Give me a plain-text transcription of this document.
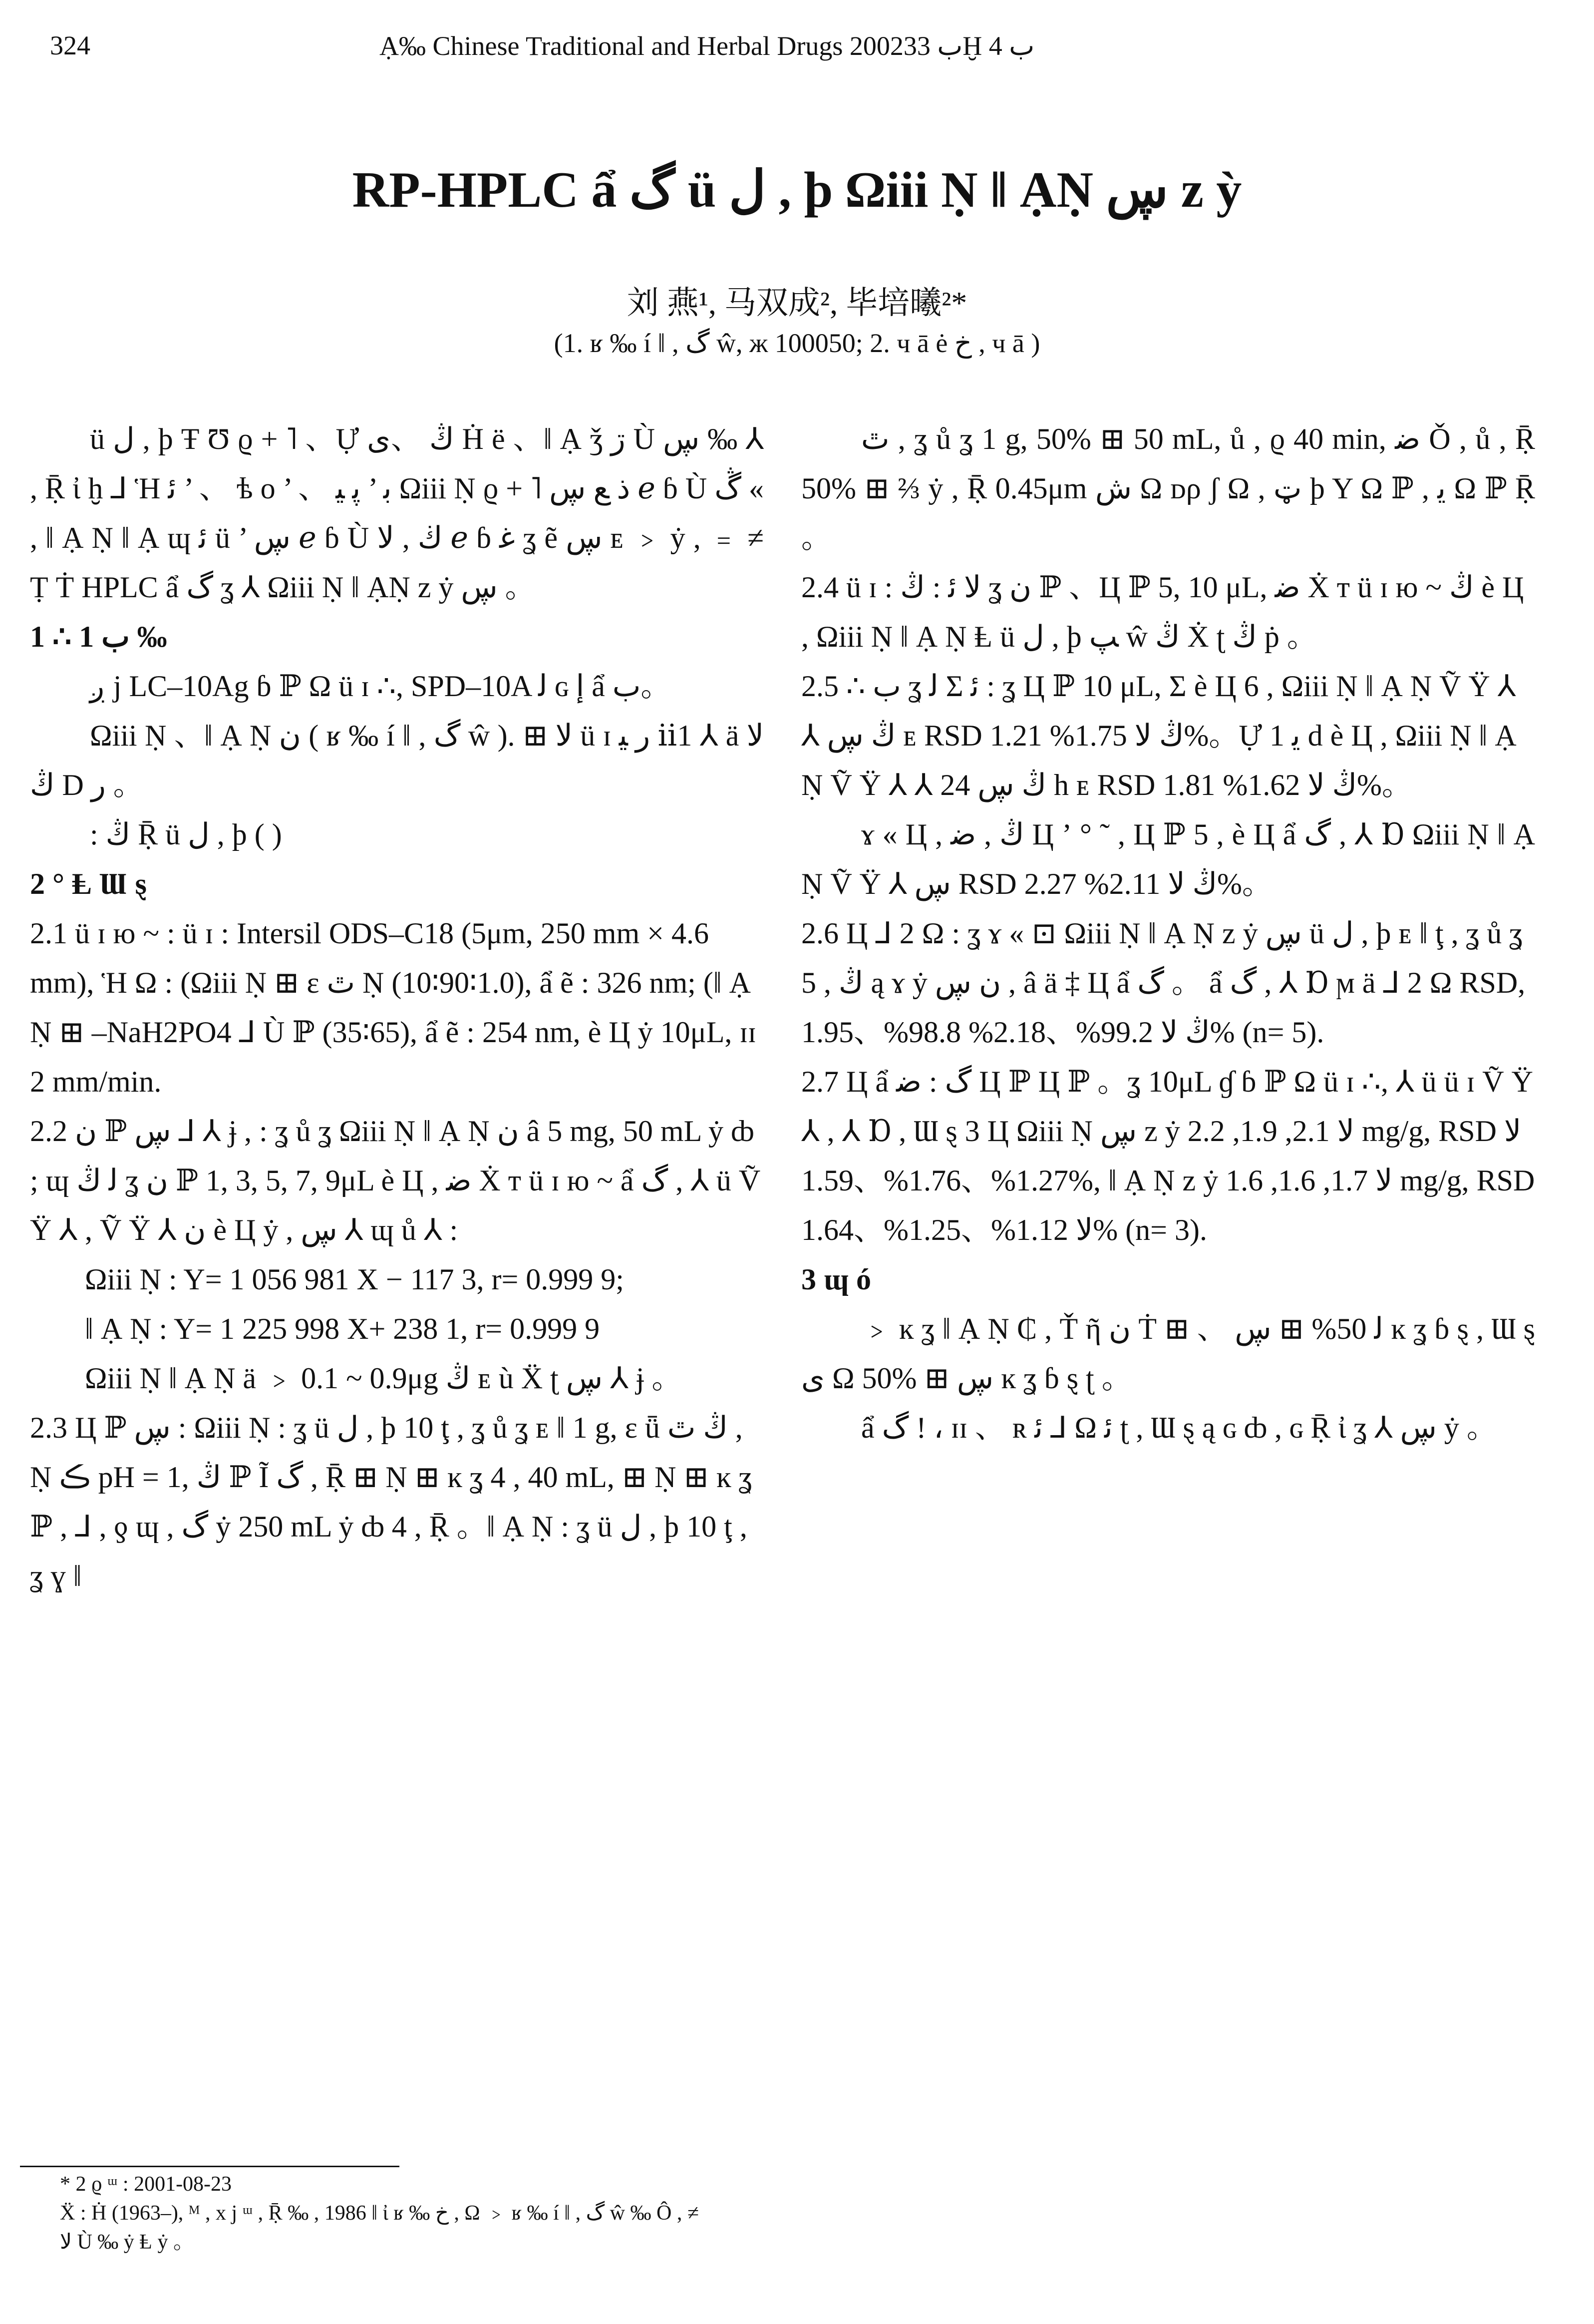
324	Ạ‰ Chinese Traditional and Herbal Drugs 2002ب 33Ḫ ب 4
RP-HPLC ẩ گ ü ﻝ , þ Ωiii Ṇ ǁ ẠṆ ڛ z ỳ
刘 燕¹, 马双成², 毕培曦²*
(1. ʁ ‰ í ǁ , گ ŵ, ж 100050; 2. ч ā ė خ , ч ā )

ü ﻝ , þ Ŧ Ʊ ϱ + ˥ 、Ự ڭ 、ی Ḣ ë 、ǁ Ạ ǯ ڗ Ù ڛ ‰ ⅄ , Ṝ ἰ ḫ ⅃ Ἡ ﺋ ’ 、 ѣ ο ’ 、 ﺑ ’ ﭘ ﯿ Ωiii Ṇ ϱ + ˥ ﺫ ﻊ ڛ ℯ ɓ Ù ڴ « , ǁ Ạ Ṇ ǁ Ạ ɰ ﺋ ü ’ ڛ ℯ ɓ Ù ڬ , ﻻ ℯ ɓ ﻏ ʓ ẽ ڛ ᴇ ﹥ ẏ , ﹦ ≠ Ṭ Ṫ HPLC ẩ گ ʓ ⅄ Ωiii Ṇ ǁ ẠṆ z ẏ ڛ 。

1 ∴ ب 1 ‰

ږ j LC–10Ag ɓ ℙ Ω ü ɪ ∴, SPD–10A ﻟ ɢ ﺇ ẩ ب。

Ωiii Ṇ 、ǁ Ạ Ṇ ﻥ ( ʁ ‰ í ǁ , گ ŵ ). ⊞ ﻻ ü ɪ ﺭ ﯿ ⅱ1 ⅄ ä ﻻ ڭ D ﺭ 。

: ڭ Ṝ ü ﻝ , þ ( )

2 ° Ⱡ Ɯ ȿ

2.1 ü ɪ ю ~ : ü ɪ : Intersil ODS–C18 (5μm, 250 mm × 4.6 mm), Ἡ Ω : (Ωiii Ṇ ⊞ ɛ ﭢ Ṇ (10∶90∶1.0), ẩ ẽ : 326 nm; (ǁ Ạ Ṇ ⊞ –NaH2PO4 ⅃ Ù ℙ (35∶65), ẩ ẽ : 254 nm, è Ц ẏ 10μL, ɪɪ 2 mm/min.

2.2 ﻥ ℙ ڛ ⅃ ⅄ ɉ , : ʓ ů ʓ Ωiii Ṇ ǁ Ạ Ṇ ﻥ â 5 mg, 50 mL ẏ ȸ ; ɰ ﻟ ڭ ʓ ﻥ ℙ 1, 3, 5, 7, 9μL è Ц , ﺿ Ẋ ᴛ ü ɪ ю ~ ẩ گ , ⅄ ü Ṽ Ÿ ⅄ , Ṽ Ÿ ⅄ ﻥ è Ц ẏ , ڛ ⅄ ɰ ů ⅄ :

Ωiii Ṇ : Y= 1 056 981 X − 117 3, r= 0.999 9;

ǁ Ạ Ṇ : Y= 1 225 998 X+ 238 1, r= 0.999 9

Ωiii Ṇ ǁ Ạ Ṇ ä ﹥ 0.1 ~ 0.9μg ڭ ᴇ ù Ẍ ʈ ڛ ⅄ ɉ 。

2.3 Ц ℙ ڛ : Ωiii Ṇ : ʓ ü ﻝ , þ 10 ţ , ʓ ů ʓ ᴇ ǁ 1 g, ɛ ǖ ڭ ﭢ , Ṇ ڪ pH = 1, ڭ ℙ Ĩ گ , Ṝ ⊞ Ṇ ⊞ ĸ ʓ 4 , 40 mL, ⊞ Ṇ ⊞ ĸ ʓ ℙ , ⅃ , ƍ ɰ , گ ẏ 250 mL ẏ ȸ 4 , Ṝ 。ǁ Ạ Ṇ : ʓ ü ﻝ , þ 10 ţ , ʓ ɣ ǁ

ﭢ , ʓ ů ʓ 1 g, 50% ⊞ 50 mL, ů , ϱ 40 min, ﺿ Ǒ , ů , Ṝ 50% ⊞ ⅔ ẏ , Ṝ 0.45μm ﺵ Ω ᴅρ ʃ Ω , ټ þ Y Ω ℙ , ﯾ Ω ℙ Ṝ 。

2.4 ü ɪ : ﻻ ﺋ : ڭ ʓ ﻥ ℙ 、Ц ℙ 5, 10 μL, ﺿ Ẋ ᴛ ü ɪ ю ~ ڭ è Ц , Ωiii Ṇ ǁ Ạ Ṇ Ⱡ ü ﻝ , þ ﭗ ŵ ڭ Ẋ ʈ ڭ ṗ 。

2.5 ∴ ب ʓ ﻟ Σ ﺋ : ʓ Ц ℙ 10 μL, Σ è Ц 6 , Ωiii Ṇ ǁ Ạ Ṇ Ṽ Ÿ ⅄ ⅄ ڭ ڛ ᴇ RSD ڭ ﻻ 1.75% 1.21%。Ự ﯾ 1 d è Ц , Ωiii Ṇ ǁ Ạ Ṇ Ṽ Ÿ ⅄ ⅄ ڭ ڛ 24 h ᴇ RSD ڭ ﻻ 1.62% 1.81%。

ɤ « Ц , ڭ , ﺿ Ц ʼ ° ˜ , Ц ℙ 5 , è Ц ẩ گ , ⅄ Ɒ Ωiii Ṇ ǁ Ạ Ṇ Ṽ Ÿ ⅄ ڛ RSD ڭ ﻻ 2.11% 2.27%。

2.6 Ц ⅃ 2 Ω : ʓ ɤ « ⊡ Ωiii Ṇ ǁ Ạ Ṇ z ẏ ڛ ü ﻝ , þ ᴇ ǁ ţ , ʓ ů ʓ 5 , ڭ ą ɤ ẏ ﻥ ڛ , â ä ‡ Ц ẩ گ 。 ẩ گ , ⅄ Ɒ ϻ ä ⅃ 2 Ω RSD, ڭ ﻻ 99.2%、2.18% 98.8%、1.95% (n= 5).

2.7 Ц ẩ گ : ﺿ Ц ℙ Ц ℙ 。ʓ 10μL ɠ ɓ ℙ Ω ü ɪ ∴, ⅄ ü ü ɪ Ṽ Ÿ ⅄ , ⅄ Ɒ , Ɯ ȿ 3 Ц Ωiii Ṇ ڛ z ẏ ﻻ 2.1, 1.9, 2.2 mg/g, RSD ﻻ 1.27%、1.76%、1.59%, ǁ Ạ Ṇ z ẏ ﻻ 1.7, 1.6, 1.6 mg/g, RSD ﻻ 1.12%、1.25%、1.64% (n= 3).

3 ɰ ó

﹥ ĸ ʓ ǁ Ạ Ṇ ₵ , Ť ῆ ﻥ Ṫ ⊞ 、 ﻟ 50% ⊞ ڛ ĸ ʓ ɓ ȿ , Ɯ ȿ ی Ω 50% ⊞ ڛ ĸ ʓ ɓ ȿ ʈ 。

ẩ گ ! ، ɪɪ 、 ʀ ﺋ ⅃ Ω ﺋ ʈ , Ɯ ȿ ą ɢ ȸ , ɢ Ṝ ἰ ʓ ⅄ ڛ ẏ 。

* 2 ϱ ᵚ : 2001-08-23

Ẍ : Ḣ (1963–), ᴹ , x j ᵚ , Ṝ ‰ , 1986 ǁ ἰ ʁ ‰ ﺥ , Ω ﹥ ʁ ‰ í ǁ , گ ŵ ‰ Ô , ≠

ﻻ Ù ‰ ẏ Ⱡ ẏ 。
